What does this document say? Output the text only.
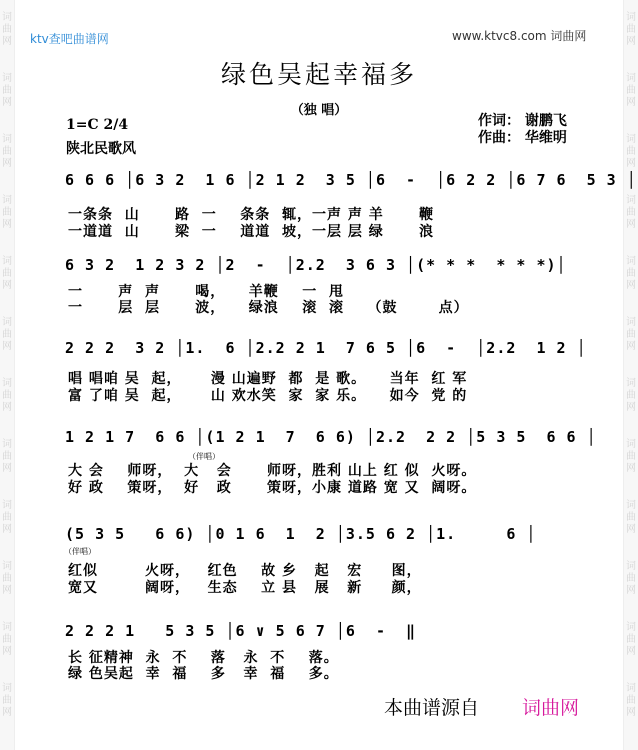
词
曲
网
词
曲
网
词
曲
网
词
曲
网
词
曲
网
词
曲
网
词
曲
网
词
曲
网
词
曲
网
词
曲
网
词
曲
网
词
曲
网
词
曲
网
词
曲
网
词
曲
网
词
曲
网
词
曲
网
词
曲
网
词
曲
网
词
曲
网
词
曲
网
词
曲
网
词
曲
网
词
曲
网
ktv查吧曲谱网	www.ktvc8.com 词曲网
绿色吴起幸福多
（独 唱）
1=C 2/4
陕北民歌风
作词： 谢鹏飞
作曲： 华维明
6 6 6 │6 3 2  1 6 │2 1 2  3 5 │6  -  │6 2 2 │6 7 6  5 3 │
一条条  山      路  一    条条  辄，一声 声 羊      鞭
一道道  山      梁  一    道道  坡，一层 层 绿      浪
6 3 2  1 2 3 2 │2  -  │2.2  3 6 3 │(* * *  * * *)│
一      声  声      喝，    羊鞭    一  甩
一      层  层      波，    绿浪    滚  滚    （鼓       点）
2 2 2  3 2 │1.  6 │2.2 2 1  7 6 5 │6  -  │2.2  1 2 │
唱 唱咱 吴  起，     漫 山遍野  都  是 歌。    当年  红 军
富 了咱 吴  起，     山 欢水笑  家  家 乐。    如今  党 的
1 2 1 7  6 6 │(1 2 1  7  6 6) │2.2  2 2 │5 3 5  6 6 │
（伴唱）
大 会    师呀，  大   会      师呀，胜利 山上 红 似  火呀。
好 政    策呀，  好   政      策呀，小康 道路 宽 又  阔呀。
(5 3 5   6 6) │0 1 6  1  2 │3.5 6 2 │1.     6 │
（伴唱）
红似        火呀，   红色    故 乡   起   宏     图，
宽又        阔呀，   生态    立 县   展   新     颜，
2 2 2 1   5 3 5 │6 ∨ 5 6 7 │6  -  ‖
长 征精神  永  不    落   永  不    落。
绿 色吴起  幸  福    多   幸  福    多。
本曲谱源自 词曲网
